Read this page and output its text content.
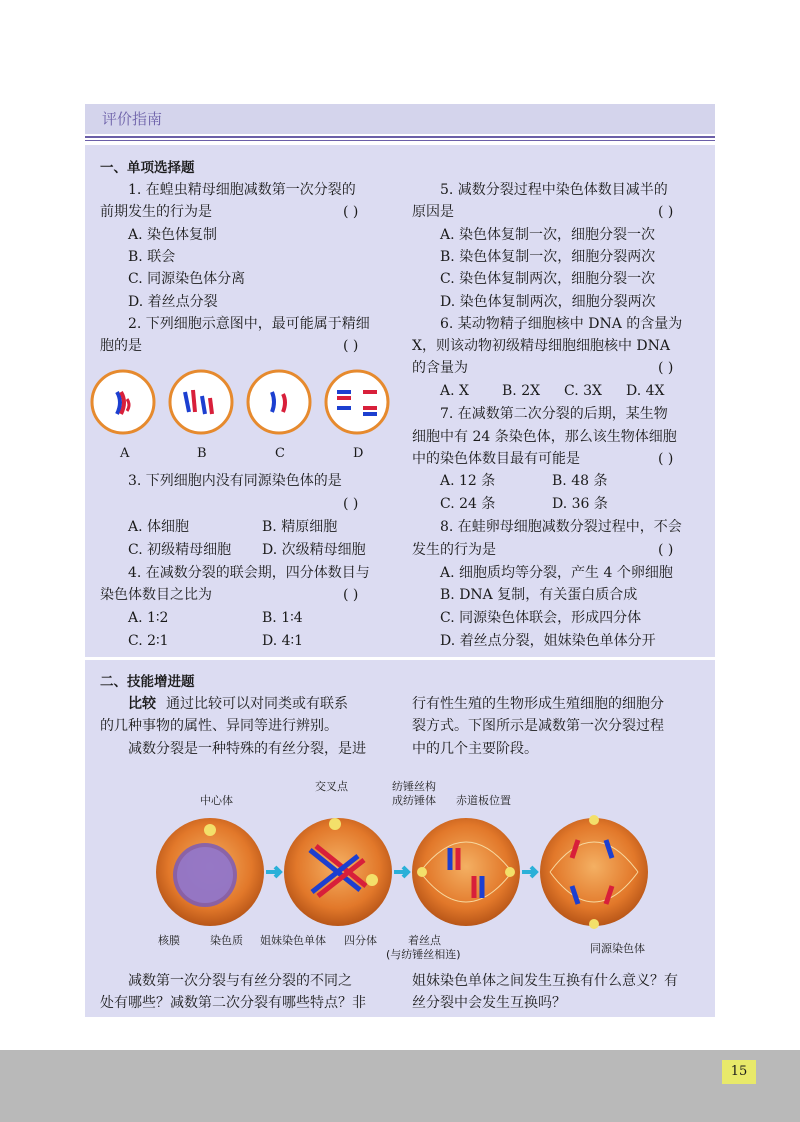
评价指南
一、单项选择题
1. 在蝗虫精母细胞减数第一次分裂的
前期发生的行为是	( )
A. 染色体复制
B. 联会
C. 同源染色体分离
D. 着丝点分裂
2. 下列细胞示意图中，最可能属于精细
胞的是	( )
A	B	C	D
3. 下列细胞内没有同源染色体的是
( )
A. 体细胞	B. 精原细胞
C. 初级精母细胞 D. 次级精母细胞
4. 在减数分裂的联会期，四分体数目与
染色体数目之比为	( )
A. 1∶2	B. 1∶4
C. 2∶1	D. 4∶1
5. 减数分裂过程中染色体数目减半的
原因是	( )
A. 染色体复制一次，细胞分裂一次
B. 染色体复制一次，细胞分裂两次
C. 染色体复制两次，细胞分裂一次
D. 染色体复制两次，细胞分裂两次
6. 某动物精子细胞核中 DNA 的含量为
X，则该动物初级精母细胞细胞核中 DNA
的含量为	( )
A. X B. 2X C. 3X D. 4X
7. 在减数第二次分裂的后期，某生物
细胞中有 24 条染色体，那么该生物体细胞
中的染色体数目最有可能是	( )
A. 12 条	B. 48 条
C. 24 条	D. 36 条
8. 在蛙卵母细胞减数分裂过程中，不会
发生的行为是	( )
A. 细胞质均等分裂，产生 4 个卵细胞
B. DNA 复制，有关蛋白质合成
C. 同源染色体联会，形成四分体
D. 着丝点分裂，姐妹染色单体分开
二、技能增进题
比较 通过比较可以对同类或有联系
的几种事物的属性、异同等进行辨别。
减数分裂是一种特殊的有丝分裂，是进
行有性生殖的生物形成生殖细胞的细胞分
裂方式。下图所示是减数第一次分裂过程
中的几个主要阶段。
中心体
交叉点	纺锤丝构
成纺锤体 赤道板位置
核膜	染色质 姐妹染色单体 四分体	着丝点
(与纺锤丝相连)	同源染色体
减数第一次分裂与有丝分裂的不同之
处有哪些？减数第二次分裂有哪些特点？非
姐妹染色单体之间发生互换有什么意义？有
丝分裂中会发生互换吗？
15
